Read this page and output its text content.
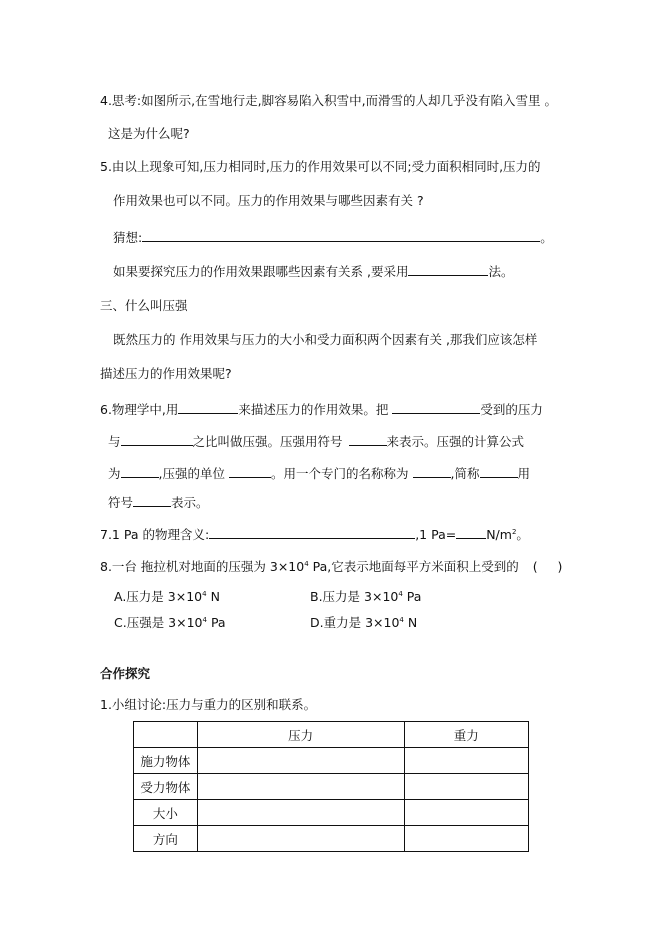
4.思考:如图所示,在雪地行走,脚容易陷入积雪中,而滑雪的人却几乎没有陷入雪里 。
这是为什么呢?
5.由以上现象可知,压力相同时,压力的作用效果可以不同;受力面积相同时,压力的
作用效果也可以不同。压力的作用效果与哪些因素有关 ?
猜想:	。
如果要探究压力的作用效果跟哪些因素有关系 ,要采用	法。
三、什么叫压强
既然压力的 作用效果与压力的大小和受力面积两个因素有关 ,那我们应该怎样
描述压力的作用效果呢?
6.物理学中,用	来描述压力的作用效果。把	受到的压力
与	之比叫做压强。压强用符号	来表示。压强的计算公式
为	,压强的单位	。用一个专门的名称称为	,简称	用
符号	表示。
7.1 Pa 的物理含义:	,1 $Pa= N/m^2$。
8.一台 拖拉机对地面的压强为 $3\times 10^4$ Pa,它表示地面每平方米面积上受到的 (     )
A.压力是 $3\times 10^4$ N	B.压力是 $3\times 10^4$ Pa
C.压强是 $3\times 10^4$ Pa	D.重力是 $3\times 10^4$ N
合作探究
1.小组讨论:压力与重力的区别和联系。
	压力	重力
施力物体		
受力物体		
大小		
方向		
